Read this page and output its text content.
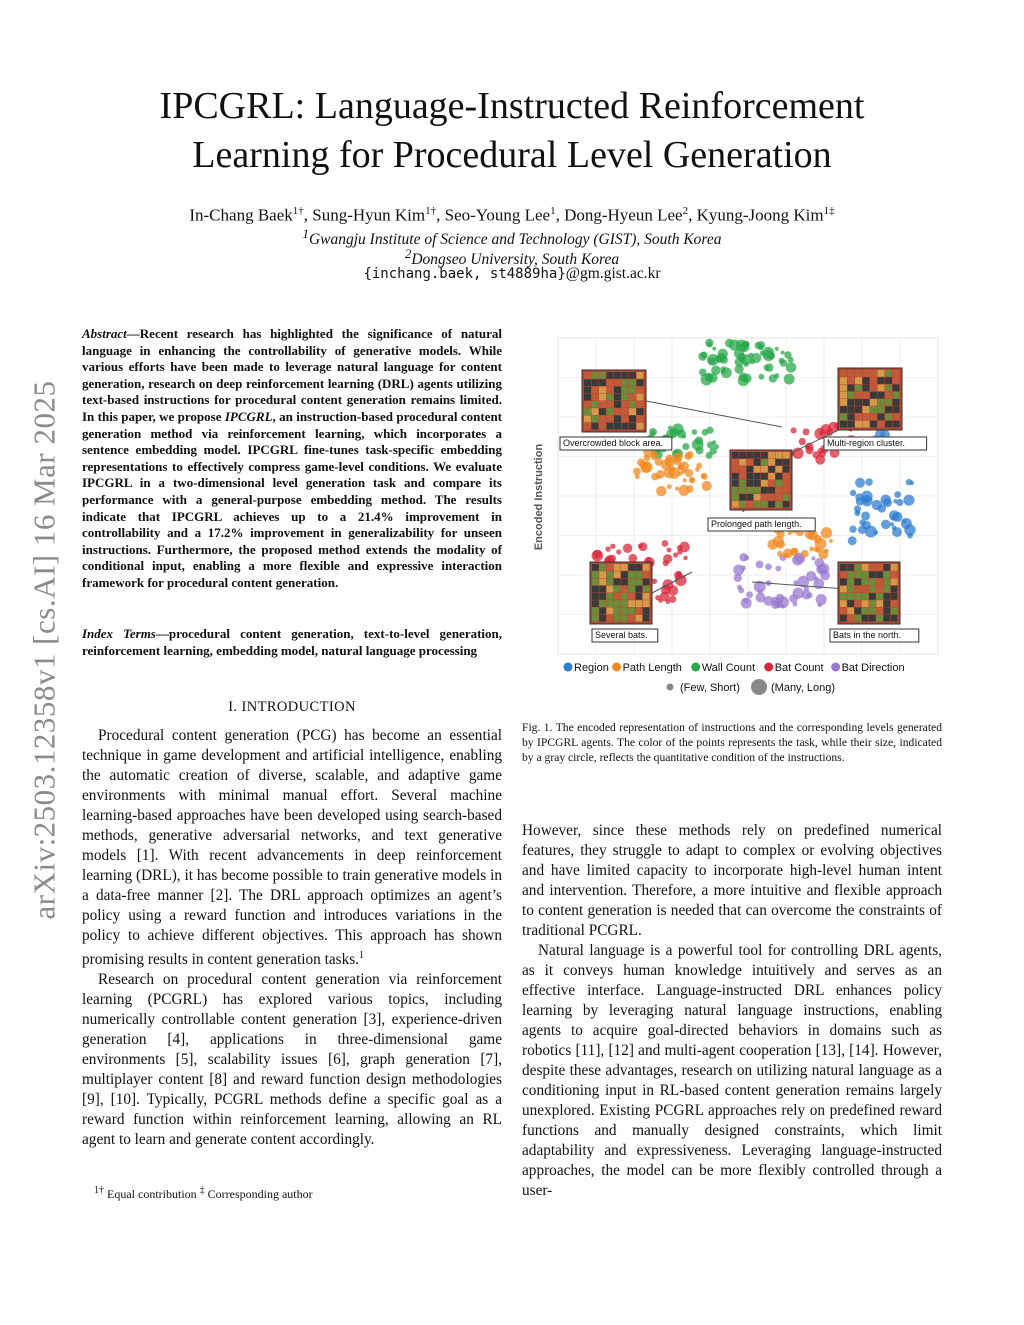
arXiv:2503.12358v1 [cs.AI] 16 Mar 2025
IPCGRL: Language-Instructed Reinforcement
Learning for Procedural Level Generation
In-Chang Baek$^{1\dagger}$, Sung-Hyun Kim$^{1\dagger}$, Seo-Young Lee$^1$, Dong-Hyeun Lee$^2$, Kyung-Joong Kim$^{1\ddagger}$
$^1$Gwangju Institute of Science and Technology (GIST), South Korea
$^2$Dongseo University, South Korea
{inchang.baek, st4889ha}@gm.gist.ac.kr
Abstract—Recent research has highlighted the significance of natural language in enhancing the controllability of generative models. While various efforts have been made to leverage natural language for content generation, research on deep reinforcement learning (DRL) agents utilizing text-based instructions for procedural content generation remains limited. In this paper, we propose IPCGRL, an instruction-based procedural content generation method via reinforcement learning, which incorporates a sentence embedding model. IPCGRL fine-tunes task-specific embedding representations to effectively compress game-level conditions. We evaluate IPCGRL in a two-dimensional level generation task and compare its performance with a general-purpose embedding method. The results indicate that IPCGRL achieves up to a 21.4% improvement in controllability and a 17.2% improvement in generalizability for unseen instructions. Furthermore, the proposed method extends the modality of conditional input, enabling a more flexible and expressive interaction framework for procedural content generation.
Index Terms—procedural content generation, text-to-level generation, reinforcement learning, embedding model, natural language processing
I. INTRODUCTION

Procedural content generation (PCG) has become an essential technique in game development and artificial intelligence, enabling the automatic creation of diverse, scalable, and adaptive game environments with minimal manual effort. Several machine learning-based approaches have been developed using search-based methods, generative adversarial networks, and text generative models [1]. With recent advancements in deep reinforcement learning (DRL), it has become possible to train generative models in a data-free manner [2]. The DRL approach optimizes an agent’s policy using a reward function and introduces variations in the policy to achieve different objectives. This approach has shown promising results in content generation tasks.$^1$

Research on procedural content generation via reinforcement learning (PCGRL) has explored various topics, including numerically controllable content generation [3], experience-driven generation [4], applications in three-dimensional game environments [5], scalability issues [6], graph generation [7], multiplayer content [8] and reward function design methodologies [9], [10]. Typically, PCGRL methods define a specific goal as a reward function within reinforcement learning, allowing an RL agent to learn and generate content accordingly.

$^{1\dagger}$ Equal contribution ‡ Corresponding author
Overcrowded block area.	Multi-region cluster.
Prolonged path length.
Several bats.	Bats in the north.
Encoded Instruction
Region Path Length Wall Count Bat Count Bat Direction
(Few, Short)	(Many, Long)
Fig. 1. The encoded representation of instructions and the corresponding levels generated by IPCGRL agents. The color of the points represents the task, while their size, indicated by a gray circle, reflects the quantitative condition of the instructions.

However, since these methods rely on predefined numerical features, they struggle to adapt to complex or evolving objectives and have limited capacity to incorporate high-level human intent and intervention. Therefore, a more intuitive and flexible approach to content generation is needed that can overcome the constraints of traditional PCGRL.

Natural language is a powerful tool for controlling DRL agents, as it conveys human knowledge intuitively and serves as an effective interface. Language-instructed DRL enhances policy learning by leveraging natural language instructions, enabling agents to acquire goal-directed behaviors in domains such as robotics [11], [12] and multi-agent cooperation [13], [14]. However, despite these advantages, research on utilizing natural language as a conditioning input in RL-based content generation remains largely unexplored. Existing PCGRL approaches rely on predefined reward functions and manually designed constraints, which limit adaptability and expressiveness. Leveraging language-instructed approaches, the model can be more flexibly controlled through a user-
